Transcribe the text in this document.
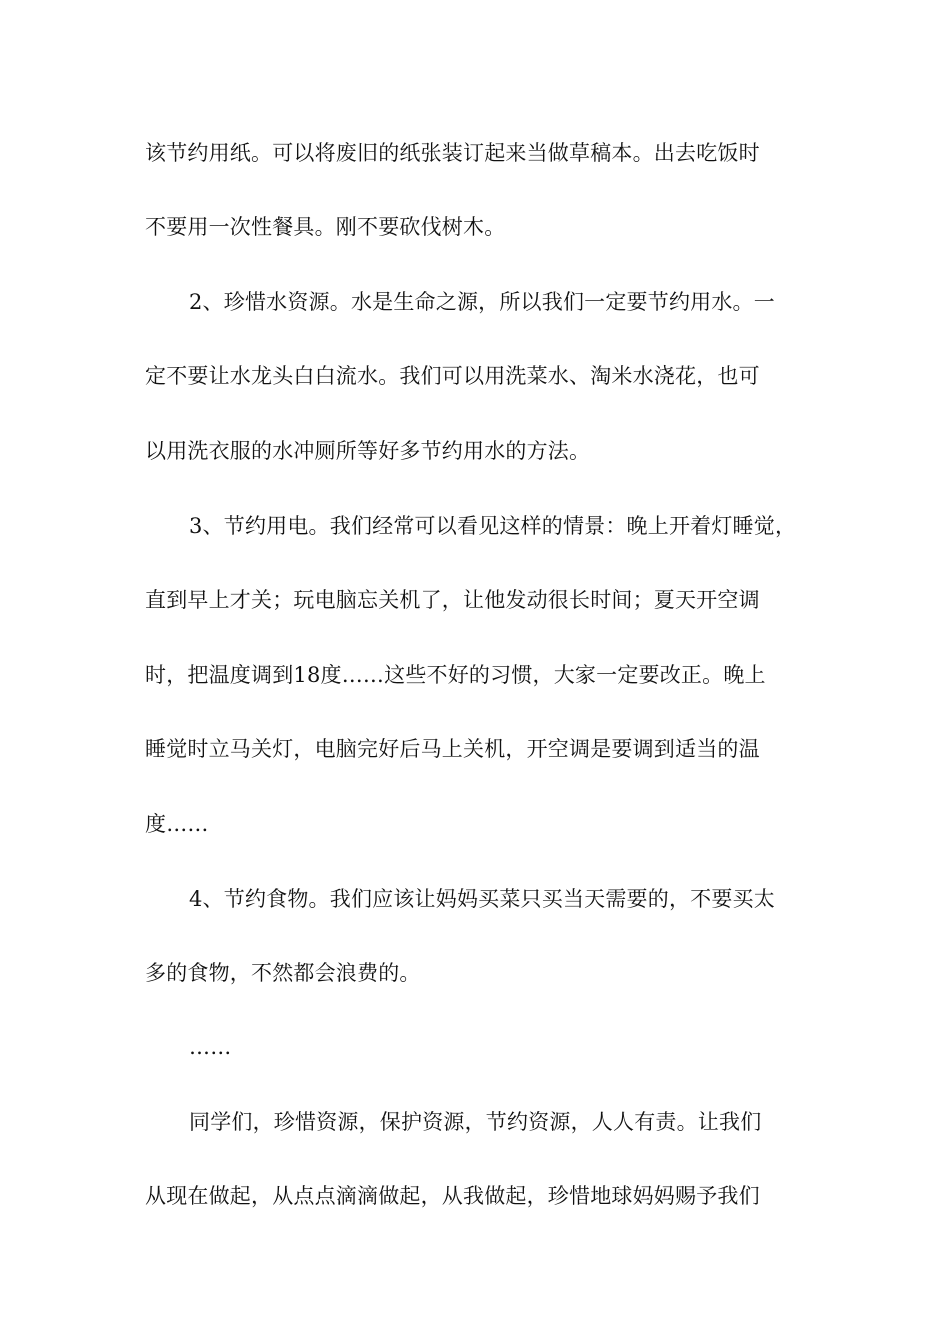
该节约用纸。可以将废旧的纸张装订起来当做草稿本。出去吃饭时
不要用一次性餐具。刚不要砍伐树木。
2、珍惜水资源。水是生命之源，所以我们一定要节约用水。一
定不要让水龙头白白流水。我们可以用洗菜水、淘米水浇花，也可
以用洗衣服的水冲厕所等好多节约用水的方法。
3、节约用电。我们经常可以看见这样的情景：晚上开着灯睡觉，
直到早上才关；玩电脑忘关机了，让他发动很长时间；夏天开空调
时，把温度调到18度……这些不好的习惯，大家一定要改正。晚上
睡觉时立马关灯，电脑完好后马上关机，开空调是要调到适当的温
度……
4、节约食物。我们应该让妈妈买菜只买当天需要的，不要买太
多的食物，不然都会浪费的。
……
同学们，珍惜资源，保护资源，节约资源，人人有责。让我们
从现在做起，从点点滴滴做起，从我做起，珍惜地球妈妈赐予我们
